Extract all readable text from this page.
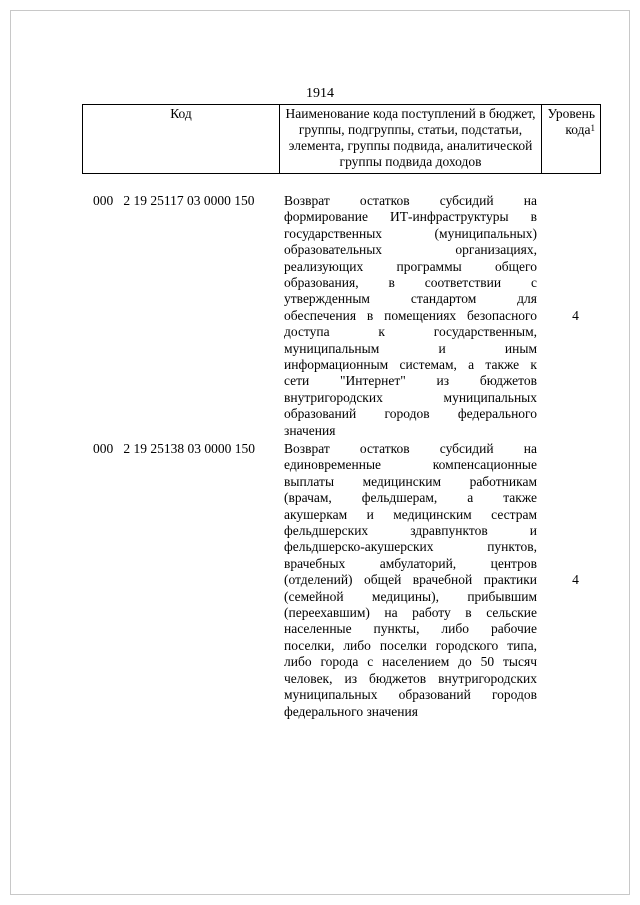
1914
Код	Наименование кода поступлений в бюджет, группы, подгруппы, статьи, подстатьи, элемента, группы подвида, аналитической группы подвида доходов
Уровень
кода$^1$
000   2 19 25117 03 0000 150 Возврат остатков субсидий на
формирование ИТ-инфраструктуры в
государственных (муниципальных)
образовательных организациях,
реализующих программы общего
образования, в соответствии с
утвержденным стандартом для
обеспечения в помещениях безопасного
доступа к государственным,
муниципальным и иным
информационным системам, а также к
сети "Интернет" из бюджетов
внутригородских муниципальных
образований городов федерального
значения
4
000   2 19 25138 03 0000 150 Возврат остатков субсидий на
единовременные компенсационные
выплаты медицинским работникам
(врачам, фельдшерам, а также
акушеркам и медицинским сестрам
фельдшерских здравпунктов и
фельдшерско-акушерских пунктов,
врачебных амбулаторий, центров
(отделений) общей врачебной практики
(семейной медицины), прибывшим
(переехавшим) на работу в сельские
населенные пункты, либо рабочие
поселки, либо поселки городского типа,
либо города с населением до 50 тысяч
человек, из бюджетов внутригородских
муниципальных образований городов
федерального значения
4
